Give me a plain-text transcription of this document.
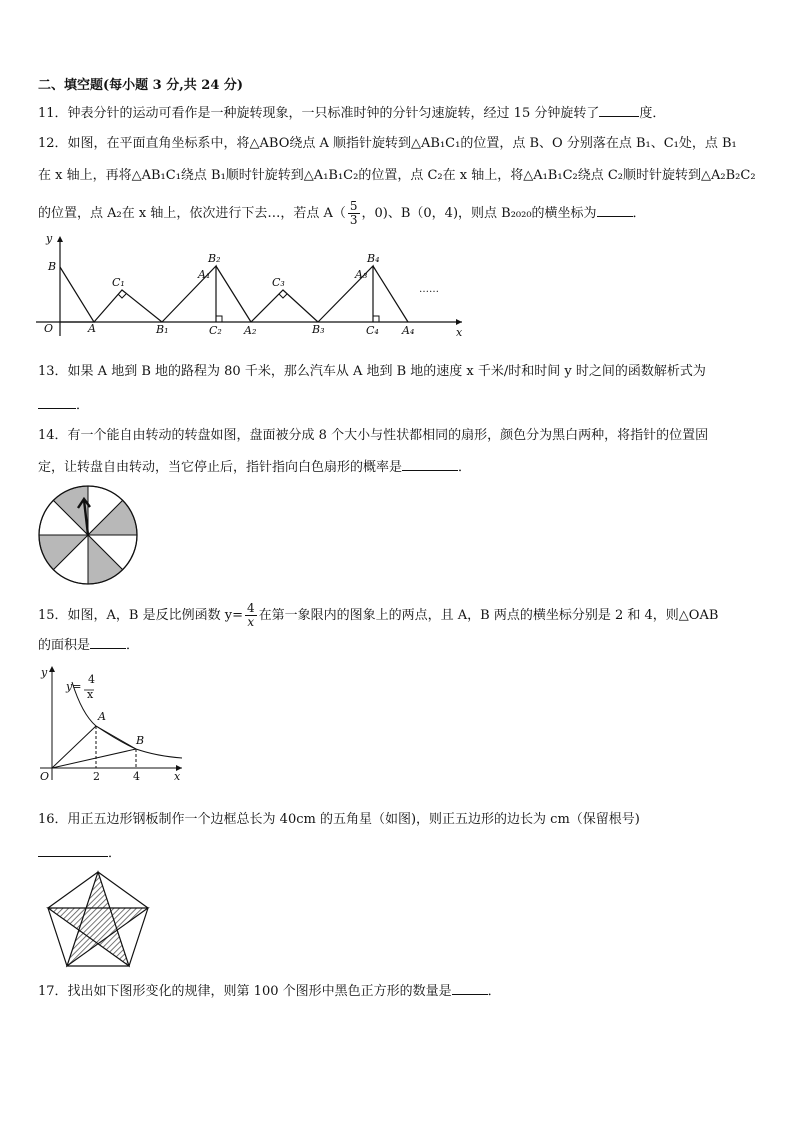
二、填空题(每小题 3 分,共 24 分)
11．钟表分针的运动可看作是一种旋转现象，一只标准时钟的分针匀速旋转，经过 15 分钟旋转了	度．
12．如图，在平面直角坐标系中，将△ABO绕点 A 顺指针旋转到△AB₁C₁的位置，点 B、O 分别落在点 B₁、C₁处，点 B₁
在 x 轴上，再将△AB₁C₁绕点 B₁顺时针旋转到△A₁B₁C₂的位置，点 C₂在 x 轴上，将△A₁B₁C₂绕点 C₂顺时针旋转到△A₂B₂C₂
的位置，点 A₂在 x 轴上，依次进行下去…，若点 $A( \frac{5}{3}$ ，0)、B（0，4)，则点 B₂₀₂₀的横坐标为	．
y
x
O
B
A
C₁
B₁
B₂
A₁
C₂ A₂
C₃
B₃
B₄
A₃
C₄ A₄
……
13．如果 A 地到 B 地的路程为 80 千米，那么汽车从 A 地到 B 地的速度 x 千米/时和时间 y 时之间的函数解析式为
．
14．有一个能自由转动的转盘如图，盘面被分成 8 个大小与性状都相同的扇形，颜色分为黑白两种，将指针的位置固
定，让转盘自由转动，当它停止后，指针指向白色扇形的概率是	．
15．如图，A，B 是反比例函数 $y= \frac{4}{x}$ 在第一象限内的图象上的两点，且 A，B 两点的横坐标分别是 2 和 4，则△OAB
的面积是	．
y
y=
4
x
A
B
O	2	4	x
16．用正五边形钢板制作一个边框总长为 40cm 的五角星（如图)，则正五边形的边长为 cm（保留根号)
．
17．找出如下图形变化的规律，则第 100 个图形中黑色正方形的数量是	．
